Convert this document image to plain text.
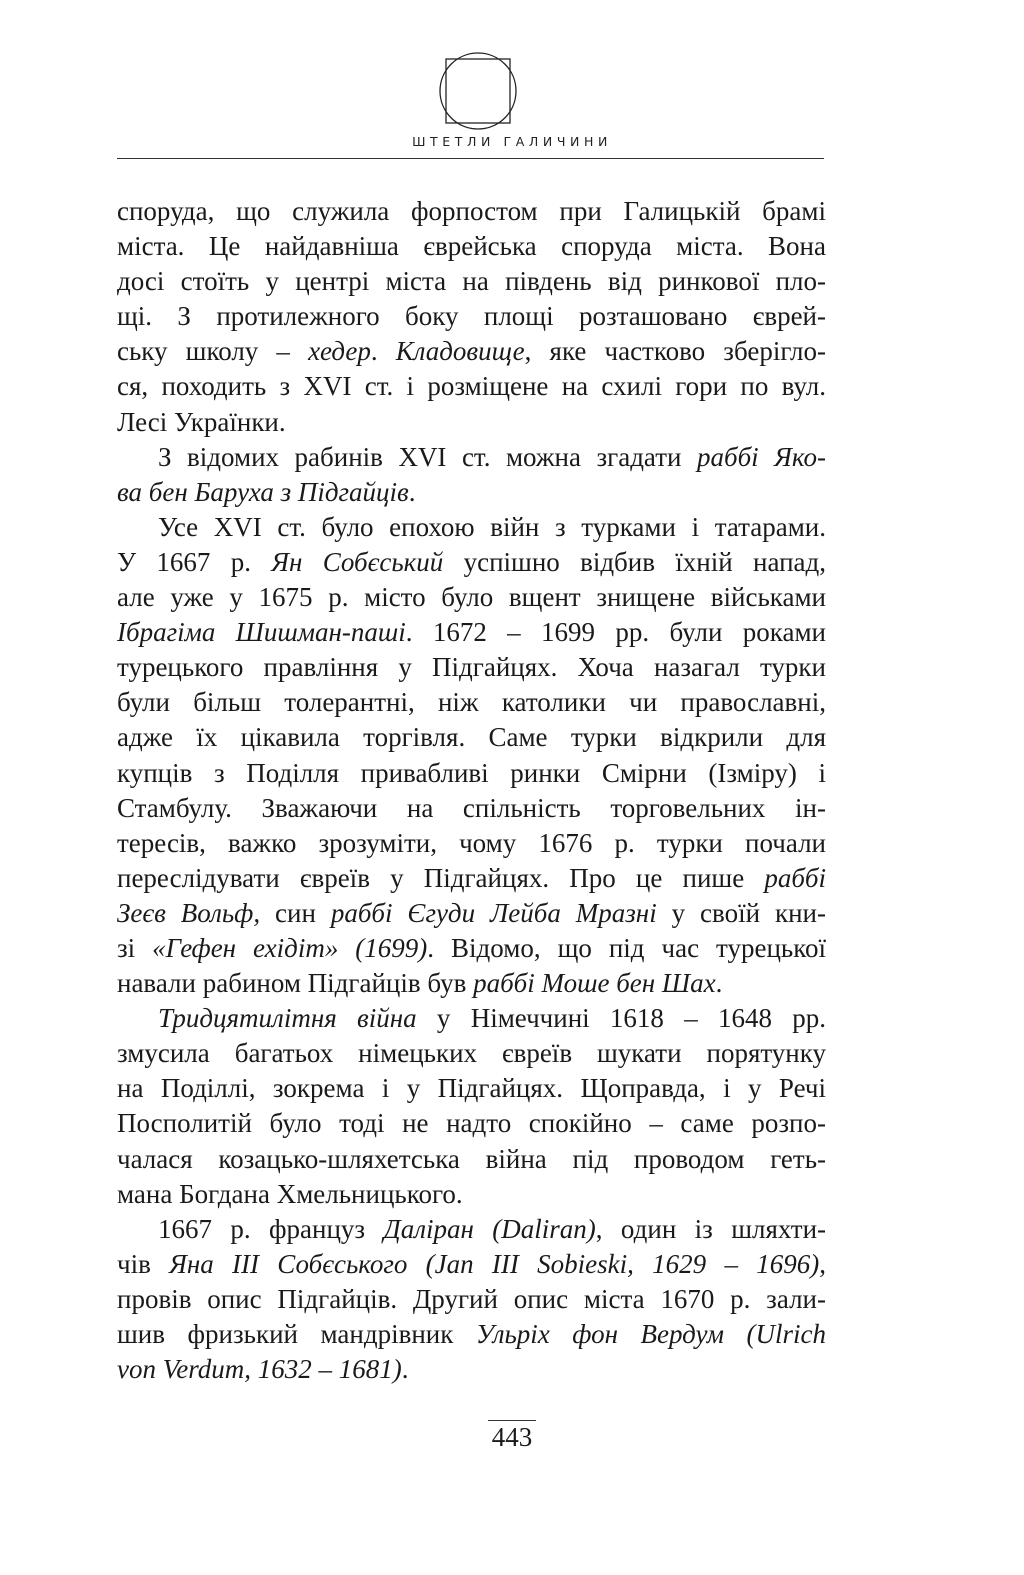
ШТЕТЛИ ГАЛИЧИНИ
споруда, що служила форпостом при Галицькій брамі
міста. Це найдавніша єврейська споруда міста. Вона
досі стоїть у центрі міста на південь від ринкової пло-
щі. З протилежного боку площі розташовано єврей-
ську школу – хедер. Кладовище, яке частково зберігло-
ся, походить з XVI ст. і розміщене на схилі гори по вул.
Лесі Українки.
З відомих рабинів XVI ст. можна згадати раббі Яко-
ва бен Баруха з Підгайців.
Усе XVI ст. було епохою війн з турками і татарами.
У 1667 р. Ян Собєський успішно відбив їхній напад,
але уже у 1675 р. місто було вщент знищене військами
Ібрагіма Шишман-паші. 1672 – 1699 рр. були роками
турецького правління у Підгайцях. Хоча назагал турки
були більш толерантні, ніж католики чи православні,
адже їх цікавила торгівля. Саме турки відкрили для
купців з Поділля привабливі ринки Смірни (Ізміру) і
Стамбулу. Зважаючи на спільність торговельних ін-
тересів, важко зрозуміти, чому 1676 р. турки почали
переслідувати євреїв у Підгайцях. Про це пише раббі
Зеєв Вольф, син раббі Єгуди Лейба Мразні у своїй кни-
зі «Гефен ехідіт» (1699). Відомо, що під час турецької
навали рабином Підгайців був раббі Моше бен Шах.
Тридцятилітня війна у Німеччині 1618 – 1648 рр.
змусила багатьох німецьких євреїв шукати порятунку
на Поділлі, зокрема і у Підгайцях. Щоправда, і у Речі
Посполитій було тоді не надто спокійно – саме розпо-
чалася козацько-шляхетська війна під проводом геть-
мана Богдана Хмельницького.
1667 р. француз Даліран (Daliran), один із шляхти-
чів Яна ІІІ Собєського (Jan III Sobieski, 1629 – 1696),
провів опис Підгайців. Другий опис міста 1670 р. зали-
шив фризький мандрівник Ульріх фон Вердум (Ulrich
von Verdum, 1632 – 1681).
443
